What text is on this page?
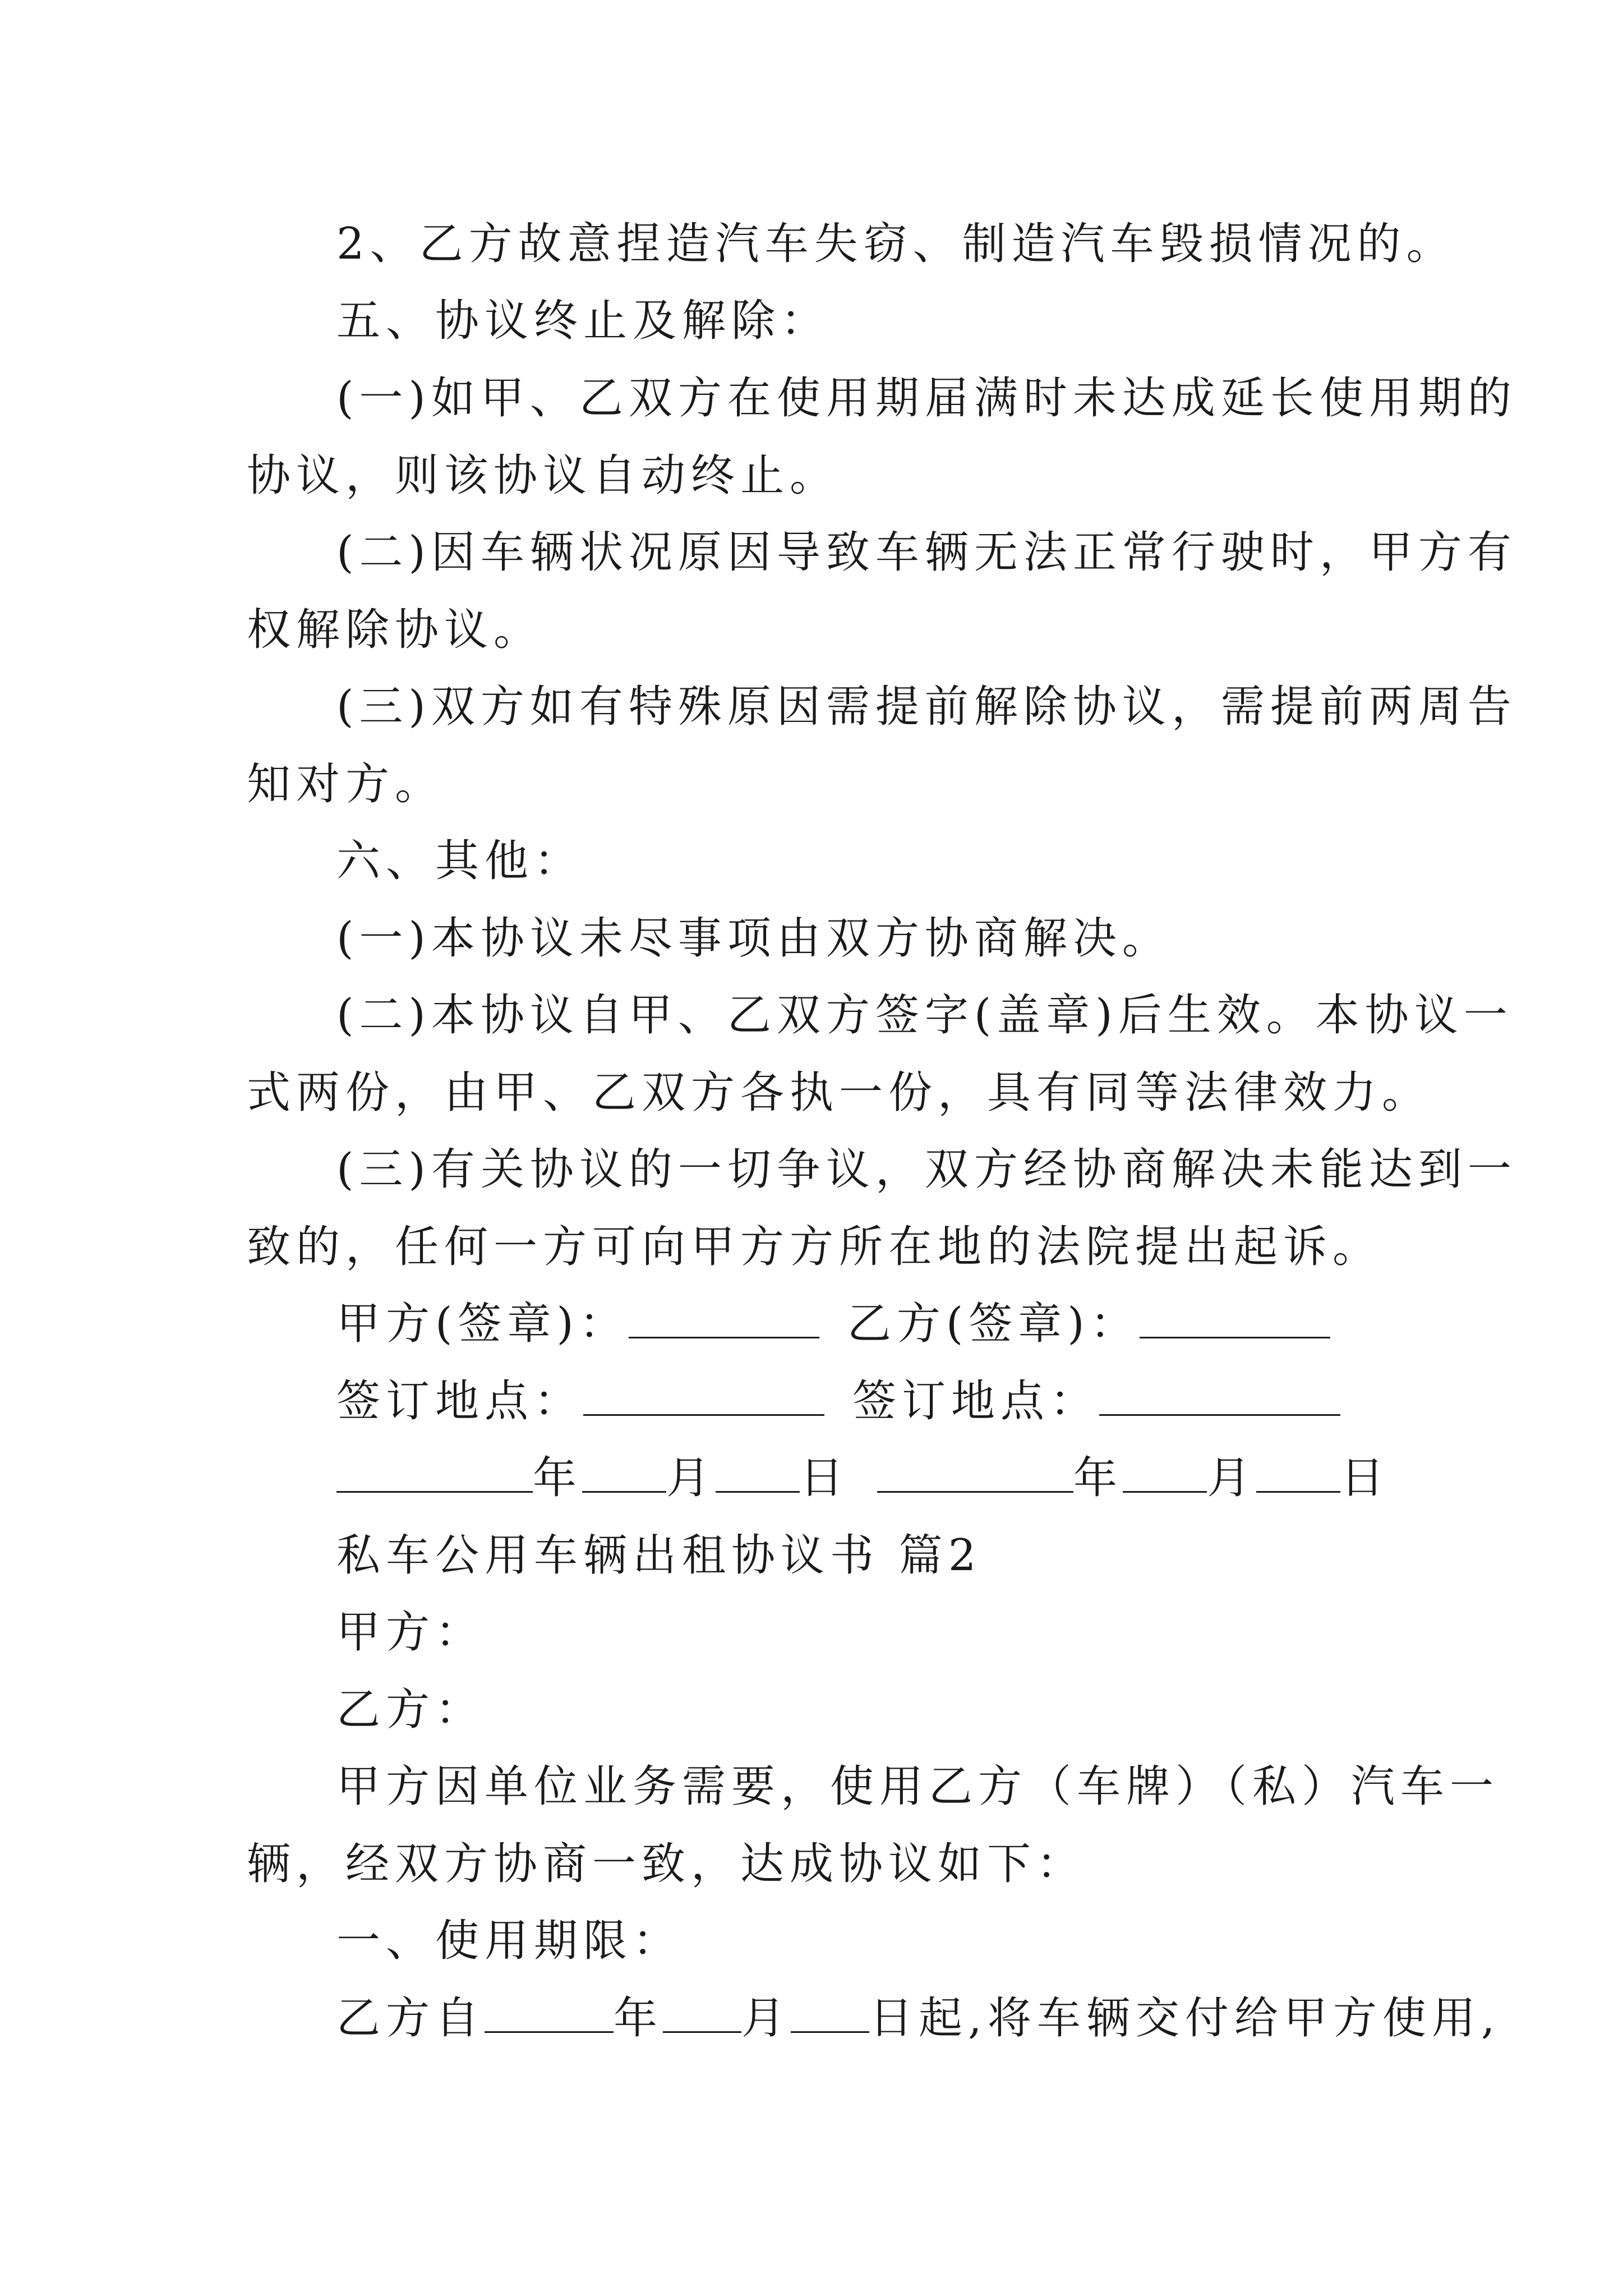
2、乙方故意捏造汽车失窃、制造汽车毁损情况的。
五、协议终止及解除：
(一)如甲、乙双方在使用期届满时未达成延长使用期的
协议，则该协议自动终止。
(二)因车辆状况原因导致车辆无法正常行驶时，甲方有
权解除协议。
(三)双方如有特殊原因需提前解除协议，需提前两周告
知对方。
六、其他：
(一)本协议未尽事项由双方协商解决。
(二)本协议自甲、乙双方签字(盖章)后生效。本协议一
式两份，由甲、乙双方各执一份，具有同等法律效力。
(三)有关协议的一切争议，双方经协商解决未能达到一
致的，任何一方可向甲方方所在地的法院提出起诉。
甲方(签章)：	乙方(签章)：
签订地点：	签订地点：
年 月 日	年 月 日
私车公用车辆出租协议书 篇2
甲方：
乙方：
甲方因单位业务需要，使用乙方（车牌）（私）汽车一
辆，经双方协商一致，达成协议如下：
一、使用期限：
乙方自	年 月 日起,将车辆交付给甲方使用,
